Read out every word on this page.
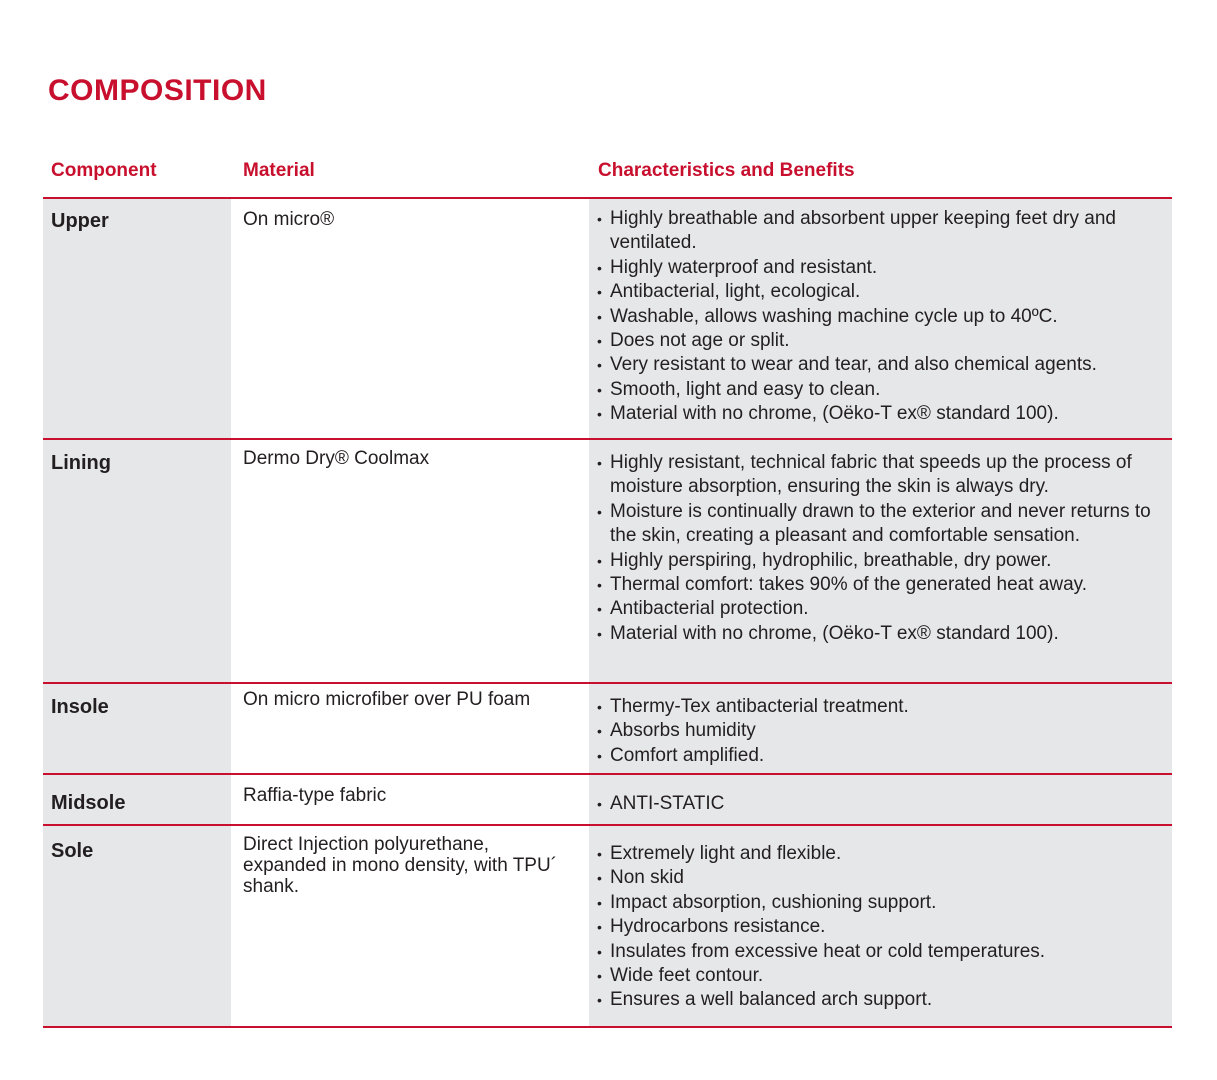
COMPOSITION
Component	Material	Characteristics and Benefits
Upper	On micro®	• Highly breathable and absorbent upper keeping feet dry and ventilated.
• Highly waterproof and resistant.
• Antibacterial, light, ecological.
• Washable, allows washing machine cycle up to 40ºC.
• Does not age or split.
• Very resistant to wear and tear, and also chemical agents.
• Smooth, light and easy to clean.
• Material with no chrome, (Oëko-T ex® standard 100).
Lining	Dermo Dry® Coolmax	• Highly resistant, technical fabric that speeds up the process of moisture absorption, ensuring the skin is always dry.
• Moisture is continually drawn to the exterior and never returns to the skin, creating a pleasant and comfortable sensation.
• Highly perspiring, hydrophilic, breathable, dry power.
• Thermal comfort: takes 90% of the generated heat away.
• Antibacterial protection.
• Material with no chrome, (Oëko-T ex® standard 100).
Insole	On micro microfiber over PU foam	• Thermy-Tex antibacterial treatment.
• Absorbs humidity
• Comfort amplified.
Midsole	Raffia-type fabric	• ANTI-STATIC
Sole	Direct Injection polyurethane, expanded in mono density, with TPU´ shank.
• Extremely light and flexible.
• Non skid
• Impact absorption, cushioning support.
• Hydrocarbons resistance.
• Insulates from excessive heat or cold temperatures.
• Wide feet contour.
• Ensures a well balanced arch support.
